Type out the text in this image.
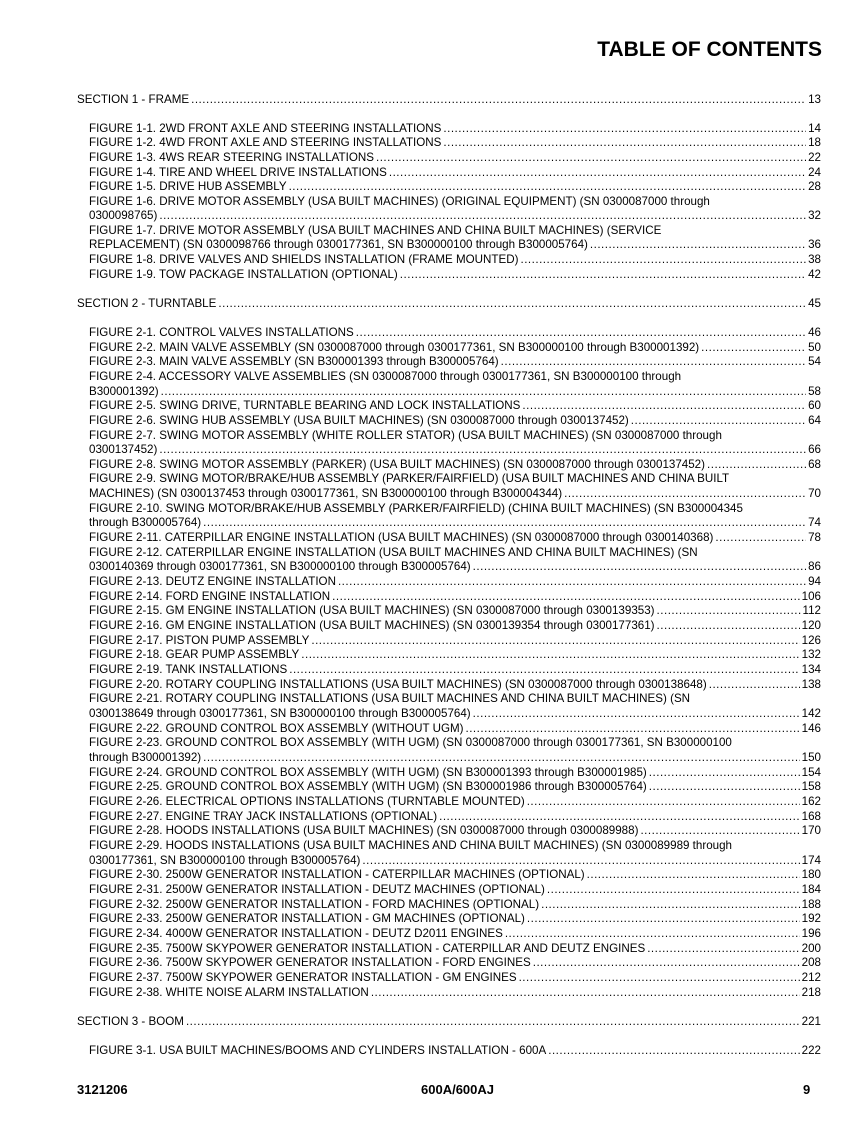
TABLE OF CONTENTS
SECTION 1 - FRAME .....	13
FIGURE 1-1. 2WD FRONT AXLE AND STEERING INSTALLATIONS .....	14
FIGURE 1-2. 4WD FRONT AXLE AND STEERING INSTALLATIONS .....	18
FIGURE 1-3. 4WS REAR STEERING INSTALLATIONS .....	22
FIGURE 1-4. TIRE AND WHEEL DRIVE INSTALLATIONS .....	24
FIGURE 1-5. DRIVE HUB ASSEMBLY .....	28
FIGURE 1-6. DRIVE MOTOR ASSEMBLY (USA BUILT MACHINES) (ORIGINAL EQUIPMENT) (SN 0300087000 through
0300098765) .....	32
FIGURE 1-7. DRIVE MOTOR ASSEMBLY (USA BUILT MACHINES AND CHINA BUILT MACHINES) (SERVICE
REPLACEMENT) (SN 0300098766 through 0300177361, SN B300000100 through B300005764) .....	36
FIGURE 1-8. DRIVE VALVES AND SHIELDS INSTALLATION (FRAME MOUNTED) .....	38
FIGURE 1-9. TOW PACKAGE INSTALLATION (OPTIONAL) .....	42
SECTION 2 - TURNTABLE .....	45
FIGURE 2-1. CONTROL VALVES INSTALLATIONS .....	46
FIGURE 2-2. MAIN VALVE ASSEMBLY (SN 0300087000 through 0300177361, SN B300000100 through B300001392) .....	50
FIGURE 2-3. MAIN VALVE ASSEMBLY (SN B300001393 through B300005764) .....	54
FIGURE 2-4. ACCESSORY VALVE ASSEMBLIES (SN 0300087000 through 0300177361, SN B300000100 through
B300001392) .....	58
FIGURE 2-5. SWING DRIVE, TURNTABLE BEARING AND LOCK INSTALLATIONS .....	60
FIGURE 2-6. SWING HUB ASSEMBLY (USA BUILT MACHINES) (SN 0300087000 through 0300137452) .....	64
FIGURE 2-7. SWING MOTOR ASSEMBLY (WHITE ROLLER STATOR) (USA BUILT MACHINES) (SN 0300087000 through
0300137452) .....	66
FIGURE 2-8. SWING MOTOR ASSEMBLY (PARKER) (USA BUILT MACHINES) (SN 0300087000 through 0300137452) .....	68
FIGURE 2-9. SWING MOTOR/BRAKE/HUB ASSEMBLY (PARKER/FAIRFIELD) (USA BUILT MACHINES AND CHINA BUILT
MACHINES) (SN 0300137453 through 0300177361, SN B300000100 through B300004344) .....	70
FIGURE 2-10. SWING MOTOR/BRAKE/HUB ASSEMBLY (PARKER/FAIRFIELD) (CHINA BUILT MACHINES) (SN B300004345
through B300005764) .....	74
FIGURE 2-11. CATERPILLAR ENGINE INSTALLATION (USA BUILT MACHINES) (SN 0300087000 through 0300140368) .....	78
FIGURE 2-12. CATERPILLAR ENGINE INSTALLATION (USA BUILT MACHINES AND CHINA BUILT MACHINES) (SN
0300140369 through 0300177361, SN B300000100 through B300005764) .....	86
FIGURE 2-13. DEUTZ ENGINE INSTALLATION .....	94
FIGURE 2-14. FORD ENGINE INSTALLATION .....	106
FIGURE 2-15. GM ENGINE INSTALLATION (USA BUILT MACHINES) (SN 0300087000 through 0300139353) .....	112
FIGURE 2-16. GM ENGINE INSTALLATION (USA BUILT MACHINES) (SN 0300139354 through 0300177361) .....	120
FIGURE 2-17. PISTON PUMP ASSEMBLY .....	126
FIGURE 2-18. GEAR PUMP ASSEMBLY .....	132
FIGURE 2-19. TANK INSTALLATIONS .....	134
FIGURE 2-20. ROTARY COUPLING INSTALLATIONS (USA BUILT MACHINES) (SN 0300087000 through 0300138648) .....	138
FIGURE 2-21. ROTARY COUPLING INSTALLATIONS (USA BUILT MACHINES AND CHINA BUILT MACHINES) (SN
0300138649 through 0300177361, SN B300000100 through B300005764) .....	142
FIGURE 2-22. GROUND CONTROL BOX ASSEMBLY (WITHOUT UGM) .....	146
FIGURE 2-23. GROUND CONTROL BOX ASSEMBLY (WITH UGM) (SN 0300087000 through 0300177361, SN B300000100
through B300001392) .....	150
FIGURE 2-24. GROUND CONTROL BOX ASSEMBLY (WITH UGM) (SN B300001393 through B300001985) .....	154
FIGURE 2-25. GROUND CONTROL BOX ASSEMBLY (WITH UGM) (SN B300001986 through B300005764) .....	158
FIGURE 2-26. ELECTRICAL OPTIONS INSTALLATIONS (TURNTABLE MOUNTED) .....	162
FIGURE 2-27. ENGINE TRAY JACK INSTALLATIONS (OPTIONAL) .....	168
FIGURE 2-28. HOODS INSTALLATIONS (USA BUILT MACHINES) (SN 0300087000 through 0300089988) .....	170
FIGURE 2-29. HOODS INSTALLATIONS (USA BUILT MACHINES AND CHINA BUILT MACHINES) (SN 0300089989 through
0300177361, SN B300000100 through B300005764) .....	174
FIGURE 2-30. 2500W GENERATOR INSTALLATION - CATERPILLAR MACHINES (OPTIONAL) .....	180
FIGURE 2-31. 2500W GENERATOR INSTALLATION - DEUTZ MACHINES (OPTIONAL) .....	184
FIGURE 2-32. 2500W GENERATOR INSTALLATION - FORD MACHINES (OPTIONAL) .....	188
FIGURE 2-33. 2500W GENERATOR INSTALLATION - GM MACHINES (OPTIONAL) .....	192
FIGURE 2-34. 4000W GENERATOR INSTALLATION - DEUTZ D2011 ENGINES .....	196
FIGURE 2-35. 7500W SKYPOWER GENERATOR INSTALLATION - CATERPILLAR AND DEUTZ ENGINES .....	200
FIGURE 2-36. 7500W SKYPOWER GENERATOR INSTALLATION - FORD ENGINES .....	208
FIGURE 2-37. 7500W SKYPOWER GENERATOR INSTALLATION - GM ENGINES .....	212
FIGURE 2-38. WHITE NOISE ALARM INSTALLATION .....	218
SECTION 3 - BOOM .....	221
FIGURE 3-1. USA BUILT MACHINES/BOOMS AND CYLINDERS INSTALLATION - 600A .....	222
3121206	600A/600AJ	9
